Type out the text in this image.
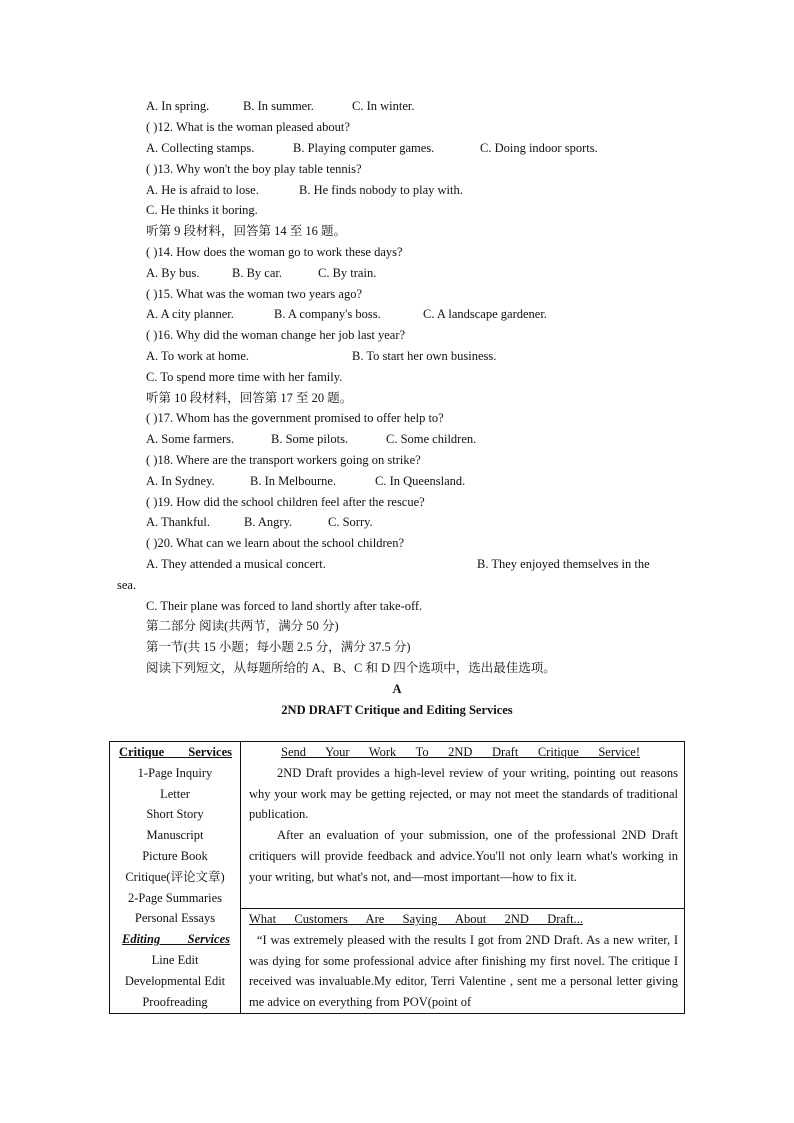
A. In spring.	B. In summer.	C. In winter.
( )12. What is the woman pleased about?
A. Collecting stamps.	B. Playing computer games.	C. Doing indoor sports.
( )13. Why won't the boy play table tennis?
A. He is afraid to lose.	B. He finds nobody to play with.
C. He thinks it boring.
听第 9 段材料，回答第 14 至 16 题。
( )14. How does the woman go to work these days?
A. By bus.	B. By car.	C. By train.
( )15. What was the woman two years ago?
A. A city planner.	B. A company's boss.	C. A landscape gardener.
( )16. Why did the woman change her job last year?
A. To work at home.	B. To start her own business.
C. To spend more time with her family.
听第 10 段材料，回答第 17 至 20 题。
( )17. Whom has the government promised to offer help to?
A. Some farmers.	B. Some pilots.	C. Some children.
( )18. Where are the transport workers going on strike?
A. In Sydney.	B. In Melbourne.	C. In Queensland.
( )19. How did the school children feel after the rescue?
A. Thankful.	B. Angry.	C. Sorry.
( )20. What can we learn about the school children?
A. They attended a musical concert.	B. They enjoyed themselves in the
sea.
C. Their plane was forced to land shortly after take-off.
第二部分 阅读(共两节，满分 50 分)
第一节(共 15 小题；每小题 2.5 分，满分 37.5 分)
阅读下列短文，从每题所给的 A、B、C 和 D 四个选项中，选出最佳选项。
A
2ND DRAFT Critique and Editing Services
Critique Services
1-Page Inquiry
Letter
Short Story
Manuscript
Picture Book
Critique(评论文章)
2-Page Summaries
Personal Essays
Editing Services
Line Edit
Developmental Edit
Proofreading

Send Your Work To 2ND Draft Critique Service!
2ND Draft provides a high-level review of your writing, pointing out reasons why your work may be getting rejected, or may not meet the standards of traditional publication.
After an evaluation of your submission, one of the professional 2ND Draft critiquers will provide feedback and advice.You'll not only learn what's working in your writing, but what's not, and—most important—how to fix it.

What Customers Are Saying About 2ND Draft...
“I was extremely pleased with the results I got from 2ND Draft. As a new writer, I was dying for some professional advice after finishing my first novel. The critique I received was invaluable.My editor, Terri Valentine , sent me a personal letter giving me advice on everything from POV(point of
